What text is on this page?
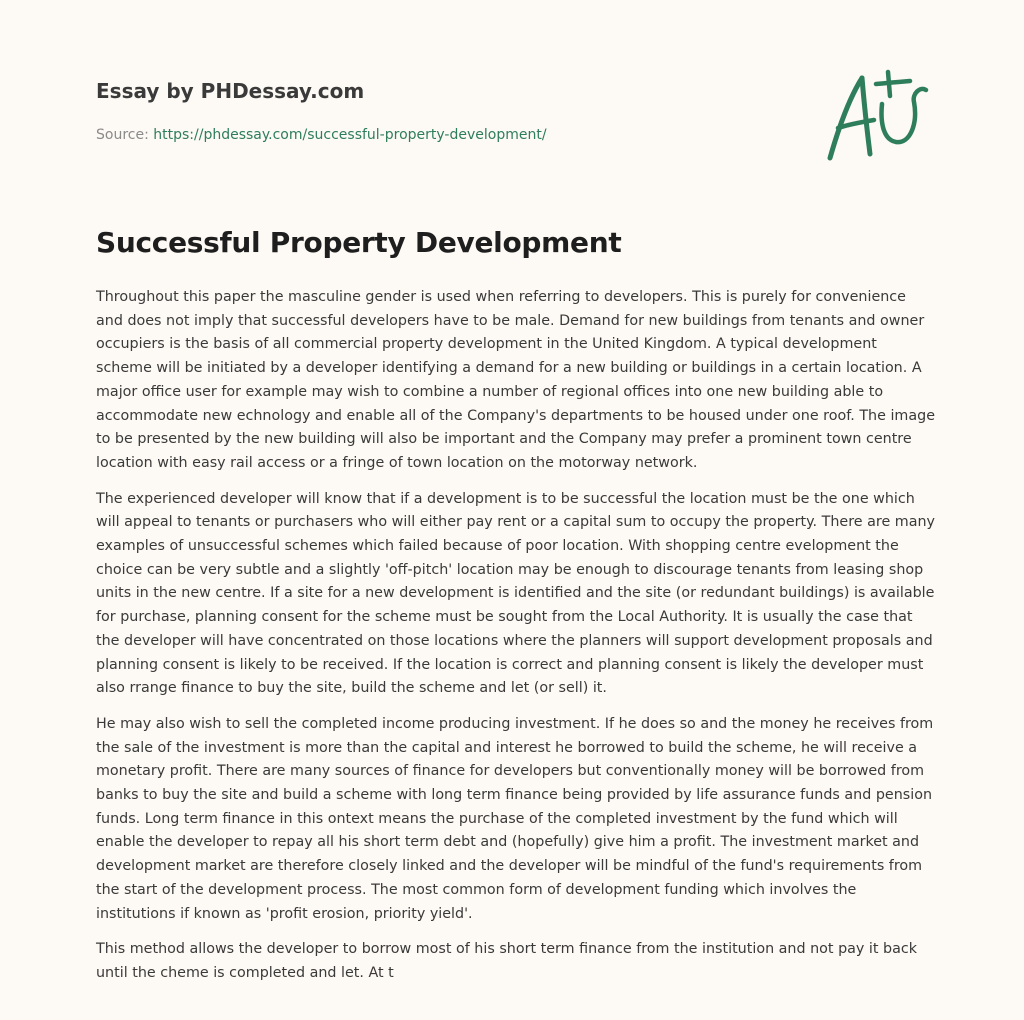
Essay by PHDessay.com
Source: https://phdessay.com/successful-property-development/
Successful Property Development

Throughout this paper the masculine gender is used when referring to developers. This is purely for convenience and does not imply that successful developers have to be male. Demand for new buildings from tenants and owner occupiers is the basis of all commercial property development in the United Kingdom. A typical development scheme will be initiated by a developer identifying a demand for a new building or buildings in a certain location. A major office user for example may wish to combine a number of regional offices into one new building able to accommodate new echnology and enable all of the Company's departments to be housed under one roof. The image to be presented by the new building will also be important and the Company may prefer a prominent town centre location with easy rail access or a fringe of town location on the motorway network.

The experienced developer will know that if a development is to be successful the location must be the one which will appeal to tenants or purchasers who will either pay rent or a capital sum to occupy the property. There are many examples of unsuccessful schemes which failed because of poor location. With shopping centre evelopment the choice can be very subtle and a slightly 'off-pitch' location may be enough to discourage tenants from leasing shop units in the new centre. If a site for a new development is identified and the site (or redundant buildings) is available for purchase, planning consent for the scheme must be sought from the Local Authority. It is usually the case that the developer will have concentrated on those locations where the planners will support development proposals and planning consent is likely to be received. If the location is correct and planning consent is likely the developer must also rrange finance to buy the site, build the scheme and let (or sell) it.

He may also wish to sell the completed income producing investment. If he does so and the money he receives from the sale of the investment is more than the capital and interest he borrowed to build the scheme, he will receive a monetary profit. There are many sources of finance for developers but conventionally money will be borrowed from banks to buy the site and build a scheme with long term finance being provided by life assurance funds and pension funds. Long term finance in this ontext means the purchase of the completed investment by the fund which will enable the developer to repay all his short term debt and (hopefully) give him a profit. The investment market and development market are therefore closely linked and the developer will be mindful of the fund's requirements from the start of the development process. The most common form of development funding which involves the institutions if known as 'profit erosion, priority yield'.

This method allows the developer to borrow most of his short term finance from the institution and not pay it back until the cheme is completed and let. At t
